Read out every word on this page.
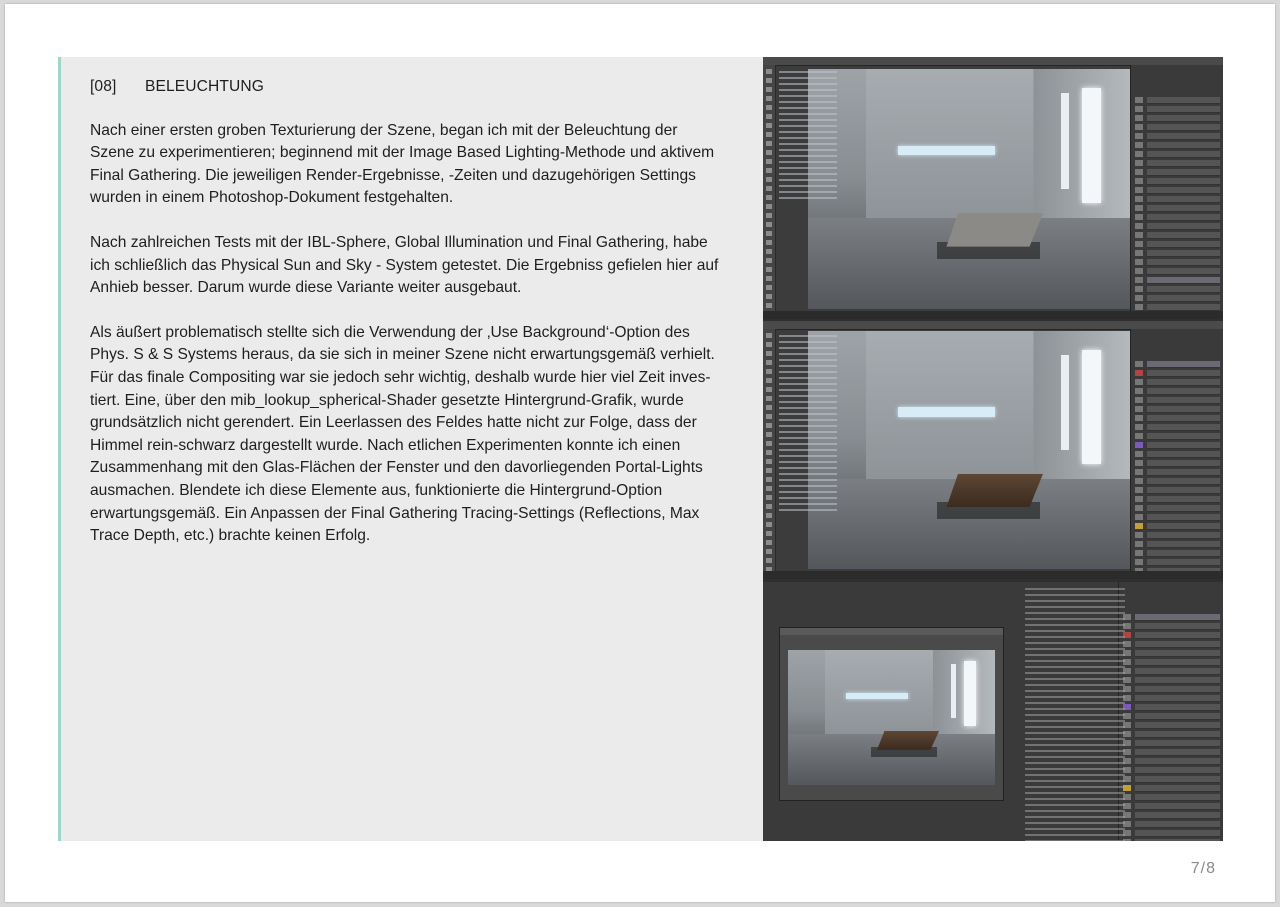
[08]	BELEUCHTUNG
Nach einer ersten groben Texturierung der Szene, began ich mit der Beleuchtung der
Szene zu experimentieren; beginnend mit der Image Based Lighting-Methode und aktivem
Final Gathering. Die jeweiligen Render-Ergebnisse, -Zeiten und dazugehörigen Settings
wurden in einem Photoshop-Dokument festgehalten.
Nach zahlreichen Tests mit der IBL-Sphere, Global Illumination und Final Gathering, habe
ich schließlich das Physical Sun and Sky - System getestet. Die Ergebniss gefielen hier auf
Anhieb besser. Darum wurde diese Variante weiter ausgebaut.
Als äußert problematisch stellte sich die Verwendung der ‚Use Background‘-Option des
Phys. S & S Systems heraus, da sie sich in meiner Szene nicht erwartungsgemäß verhielt.
Für das finale Compositing war sie jedoch sehr wichtig, deshalb wurde hier viel Zeit inves-
tiert. Eine, über den mib_lookup_spherical-Shader gesetzte Hintergrund-Grafik, wurde
grundsätzlich nicht gerendert. Ein Leerlassen des Feldes hatte nicht zur Folge, dass der
Himmel rein-schwarz dargestellt wurde. Nach etlichen Experimenten konnte ich einen
Zusammenhang mit den Glas-Flächen der Fenster und den davorliegenden Portal-Lights
ausmachen. Blendete ich diese Elemente aus, funktionierte die Hintergrund-Option
erwartungsgemäß. Ein Anpassen der Final Gathering Tracing-Settings (Reflections, Max
Trace Depth, etc.) brachte keinen Erfolg.
7/8
